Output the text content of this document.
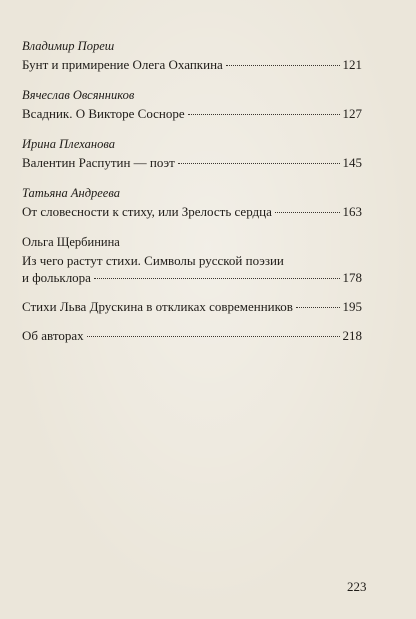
Владимир Пореш
Бунт и примирение Олега Охапкина	121
Вячеслав Овсянников
Всадник. О Викторе Сосноре	127
Ирина Плеханова
Валентин Распутин — поэт	145
Татьяна Андреева
От словесности к стиху, или Зрелость сердца	163
Ольга Щербинина
Из чего растут стихи. Символы русской поэзии
и фольклора	178
Стихи Льва Друскина в откликах современников	195
Об авторах	218
223
